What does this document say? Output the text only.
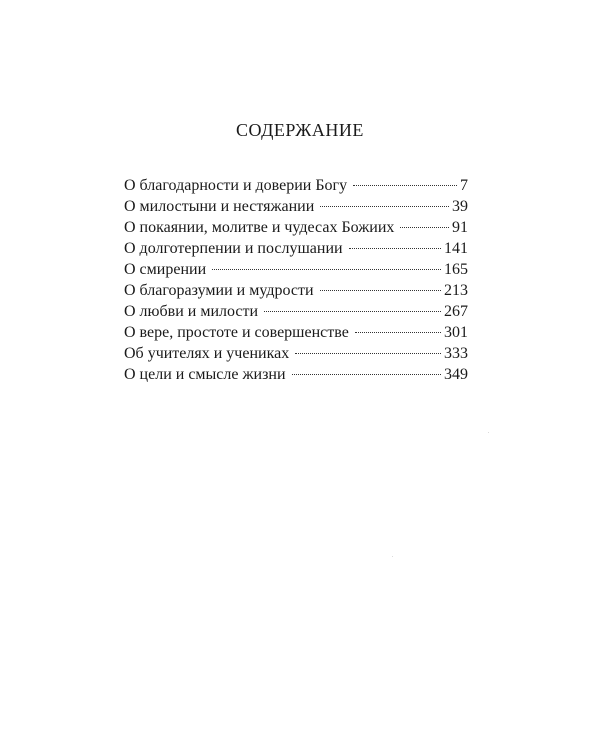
СОДЕРЖАНИЕ
О благодарности и доверии Богу	7
О милостыни и нестяжании	39
О покаянии, молитве и чудесах Божиих	91
О долготерпении и послушании	141
О смирении	165
О благоразумии и мудрости	213
О любви и милости	267
О вере, простоте и совершенстве	301
Об учителях и учениках	333
О цели и смысле жизни	349
